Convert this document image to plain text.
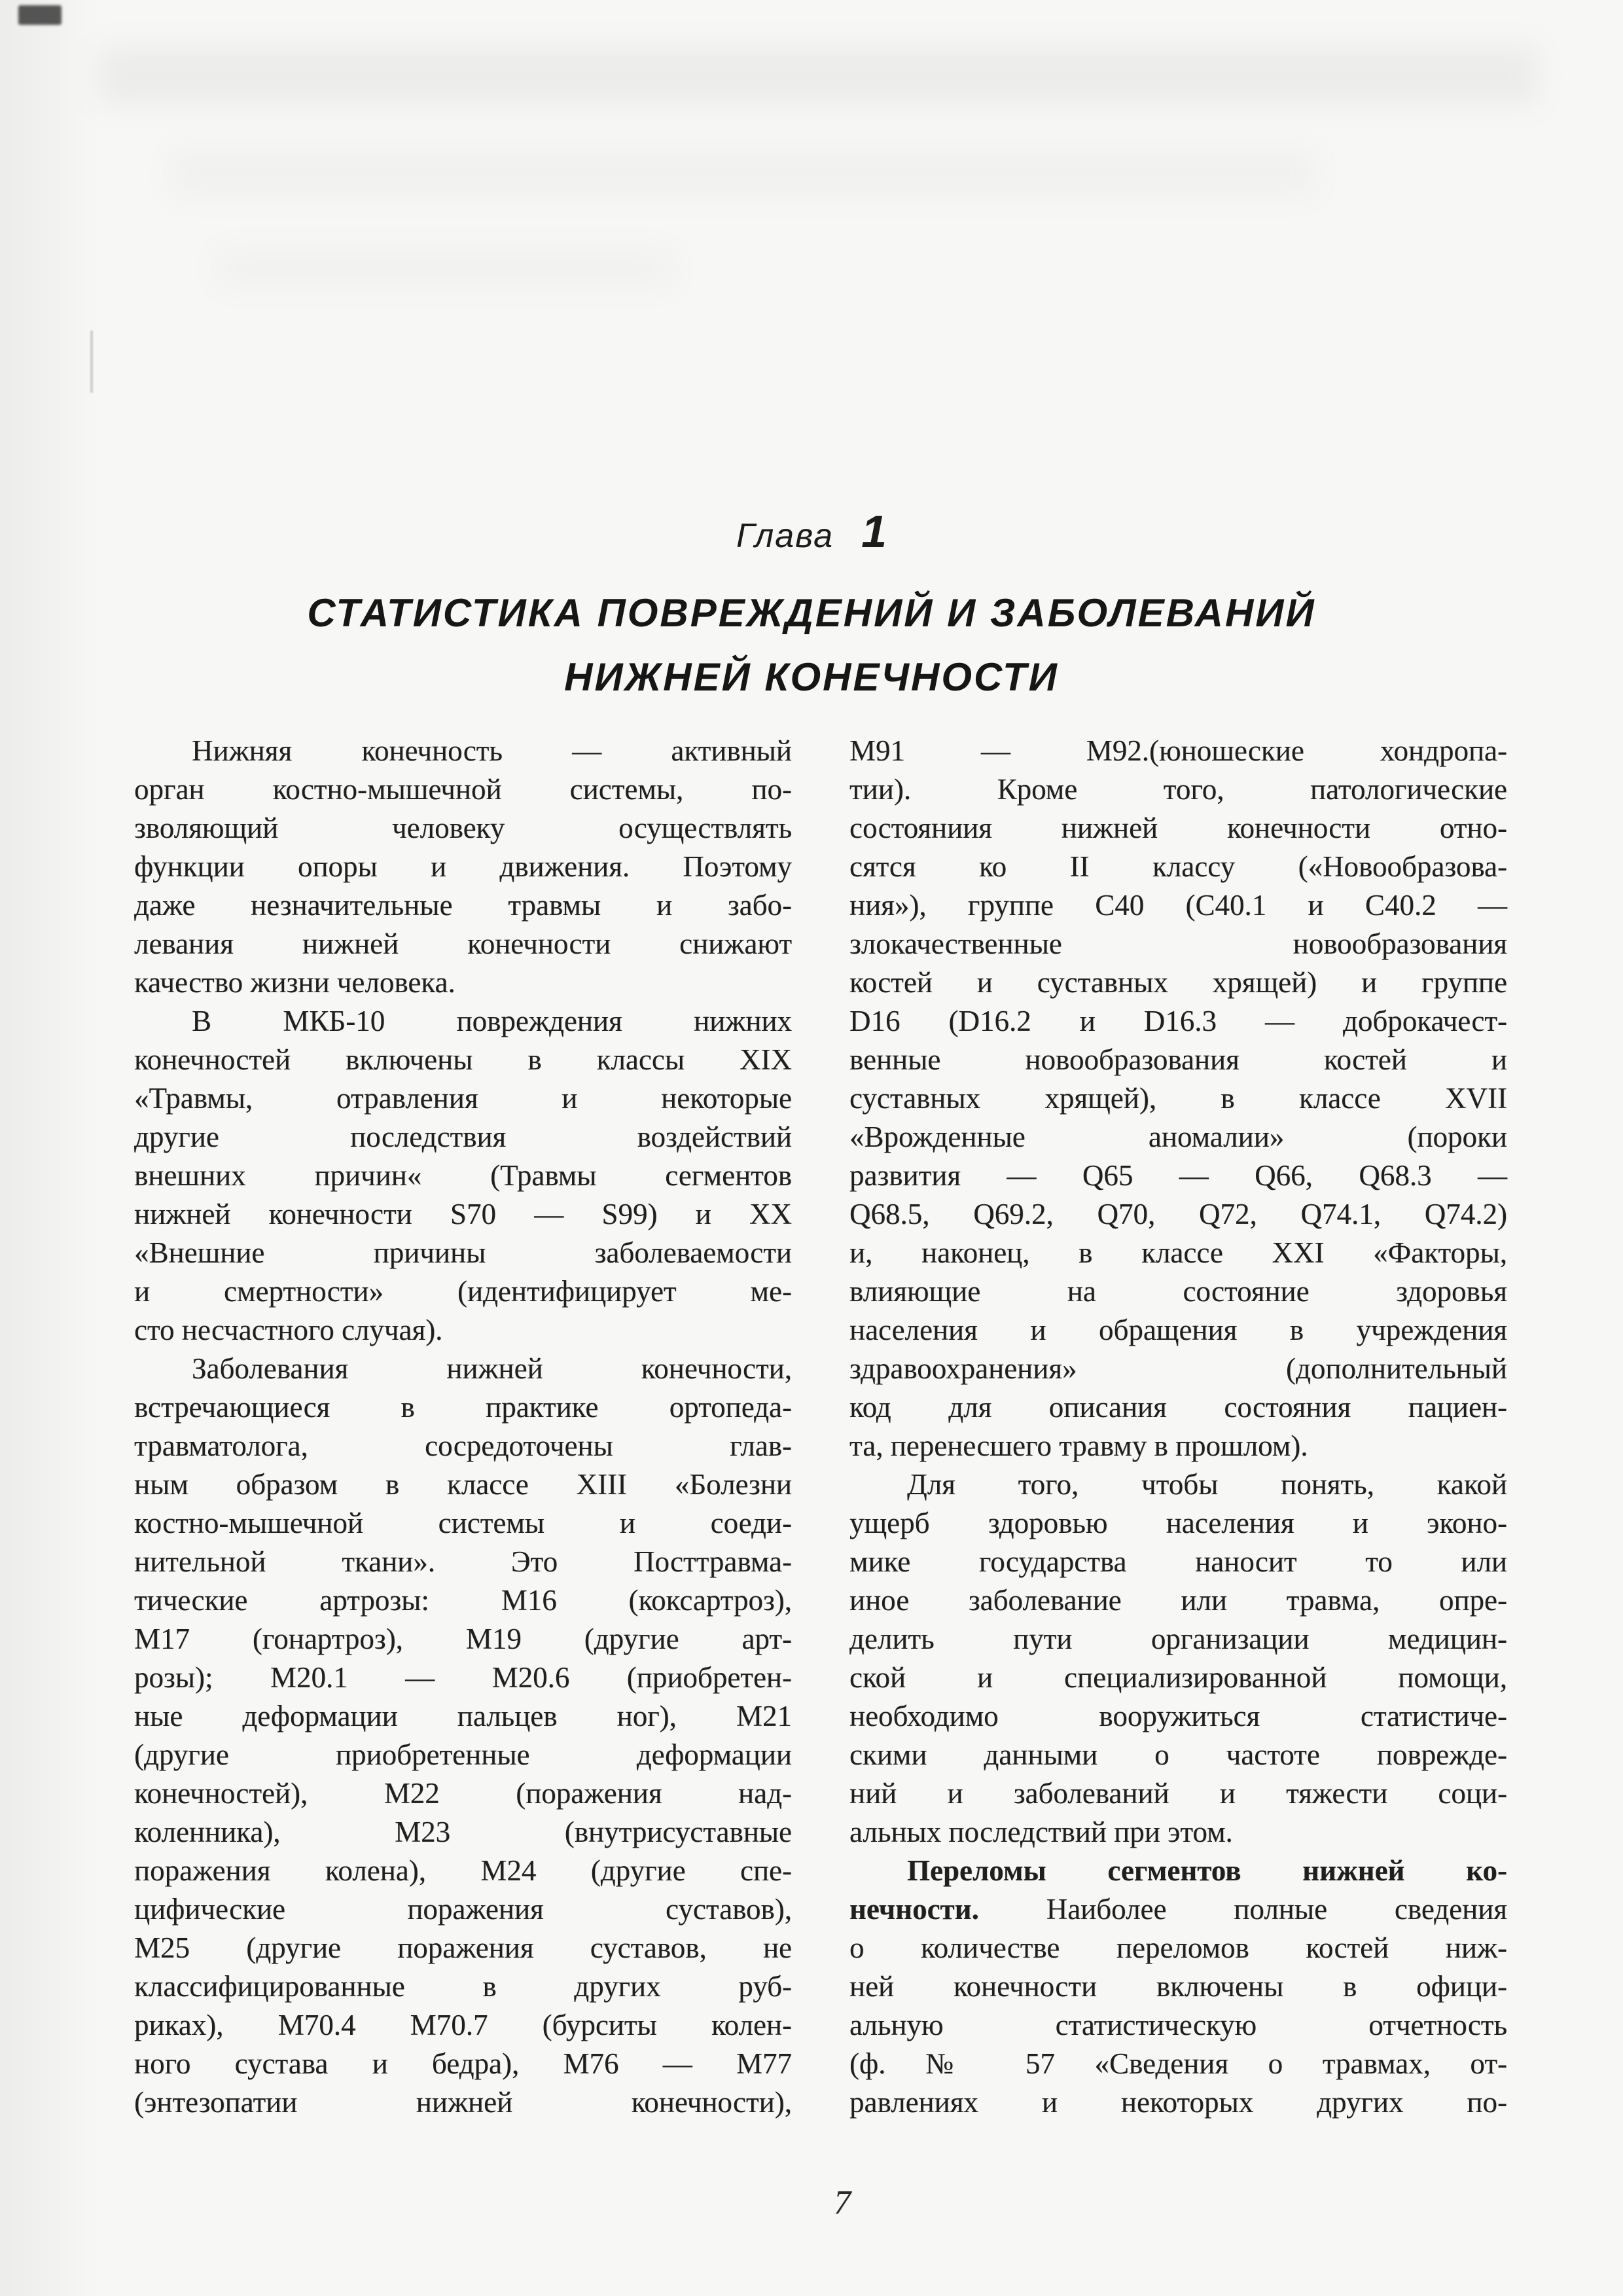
Глава 1
СТАТИСТИКА ПОВРЕЖДЕНИЙ И ЗАБОЛЕВАНИЙ
НИЖНЕЙ КОНЕЧНОСТИ
Нижняя конечность — активный
орган костно-мышечной системы, по-
зволяющий человеку осуществлять
функции опоры и движения. Поэтому
даже незначительные травмы и забо-
левания нижней конечности снижают
качество жизни человека.
В МКБ-10 повреждения нижних
конечностей включены в классы XIX
«Травмы, отравления и некоторые
другие последствия воздействий
внешних причин« (Травмы сегментов
нижней конечности S70 — S99) и XX
«Внешние причины заболеваемости
и смертности» (идентифицирует ме-
сто несчастного случая).
Заболевания нижней конечности,
встречающиеся в практике ортопеда-
травматолога, сосредоточены глав-
ным образом в классе XIII «Болезни
костно-мышечной системы и соеди-
нительной ткани». Это Посттравма-
тические артрозы: М16 (коксартроз),
М17 (гонартроз), М19 (другие арт-
розы); М20.1 — М20.6 (приобретен-
ные деформации пальцев ног), М21
(другие приобретенные деформации
конечностей), М22 (поражения над-
коленника), М23 (внутрисуставные
поражения колена), М24 (другие спе-
цифические поражения суставов),
М25 (другие поражения суставов, не
классифицированные в других руб-
риках), М70.4 М70.7 (бурситы колен-
ного сустава и бедра), М76 — М77
(энтезопатии нижней конечности),
М91 — М92.(юношеские хондропа-
тии). Кроме того, патологические
состояниия нижней конечности отно-
сятся ко II классу («Новообразова-
ния»), группе С40 (С40.1 и С40.2 —
злокачественные новообразования
костей и суставных хрящей) и группе
D16 (D16.2 и D16.3 — доброкачест-
венные новообразования костей и
суставных хрящей), в классе XVII
«Врожденные аномалии» (пороки
развития — Q65 — Q66, Q68.3 —
Q68.5, Q69.2, Q70, Q72, Q74.1, Q74.2)
и, наконец, в классе XXI «Факторы,
влияющие на состояние здоровья
населения и обращения в учреждения
здравоохранения» (дополнительный
код для описания состояния пациен-
та, перенесшего травму в прошлом).
Для того, чтобы понять, какой
ущерб здоровью населения и эконо-
мике государства наносит то или
иное заболевание или травма, опре-
делить пути организации медицин-
ской и специализированной помощи,
необходимо вооружиться статистиче-
скими данными о частоте поврежде-
ний и заболеваний и тяжести соци-
альных последствий при этом.
Переломы сегментов нижней ко-
нечности. Наиболее полные сведения
о количестве переломов костей ниж-
ней конечности включены в офици-
альную статистическую отчетность
(ф. № 57 «Сведения о травмах, от-
равлениях и некоторых других по-
7
